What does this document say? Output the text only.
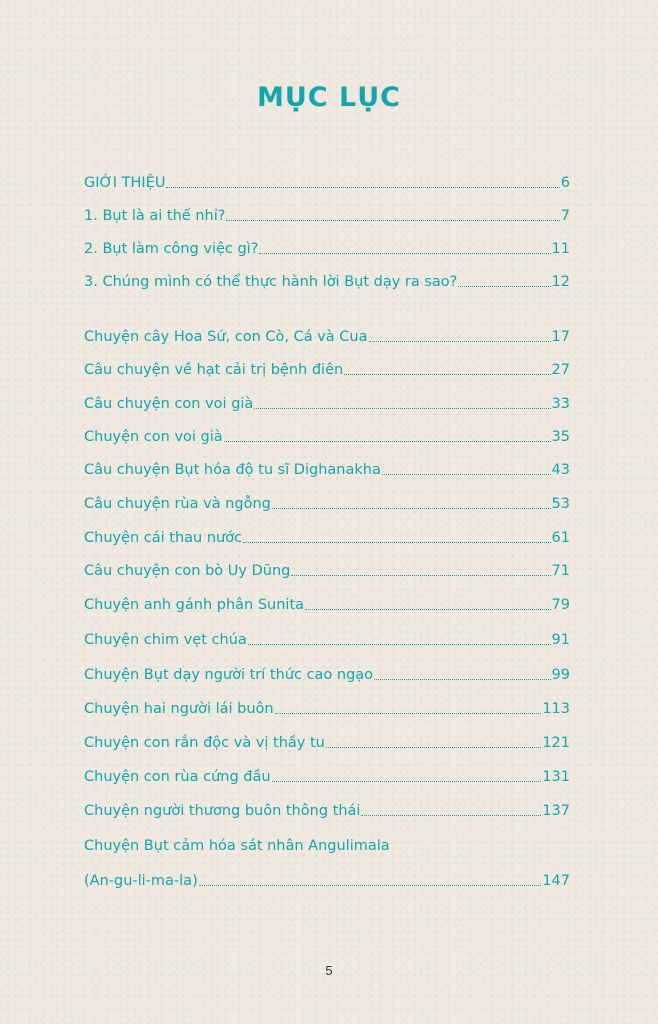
MỤC LỤC
GIỚI THIỆU	6
1. Bụt là ai thế nhỉ?	7
2. Bụt làm công việc gì?	11
3. Chúng mình có thể thực hành lời Bụt dạy ra sao?	12
Chuyện cây Hoa Sứ, con Cò, Cá và Cua	17
Câu chuyện về hạt cải trị bệnh điên	27
Câu chuyện con voi già	33
Chuyện con voi già	35
Câu chuyện Bụt hóa độ tu sĩ Dighanakha	43
Câu chuyện rùa và ngỗng	53
Chuyện cái thau nước	61
Câu chuyện con bò Uy Dũng	71
Chuyện anh gánh phân Sunita	79
Chuyện chim vẹt chúa	91
Chuyện Bụt dạy người trí thức cao ngạo	99
Chuyện hai người lái buôn	113
Chuyện con rắn độc và vị thầy tu	121
Chuyện con rùa cứng đầu	131
Chuyện người thương buôn thông thái	137
Chuyện Bụt cảm hóa sát nhân Angulimala
(An-gu-li-ma-la)	147
5
